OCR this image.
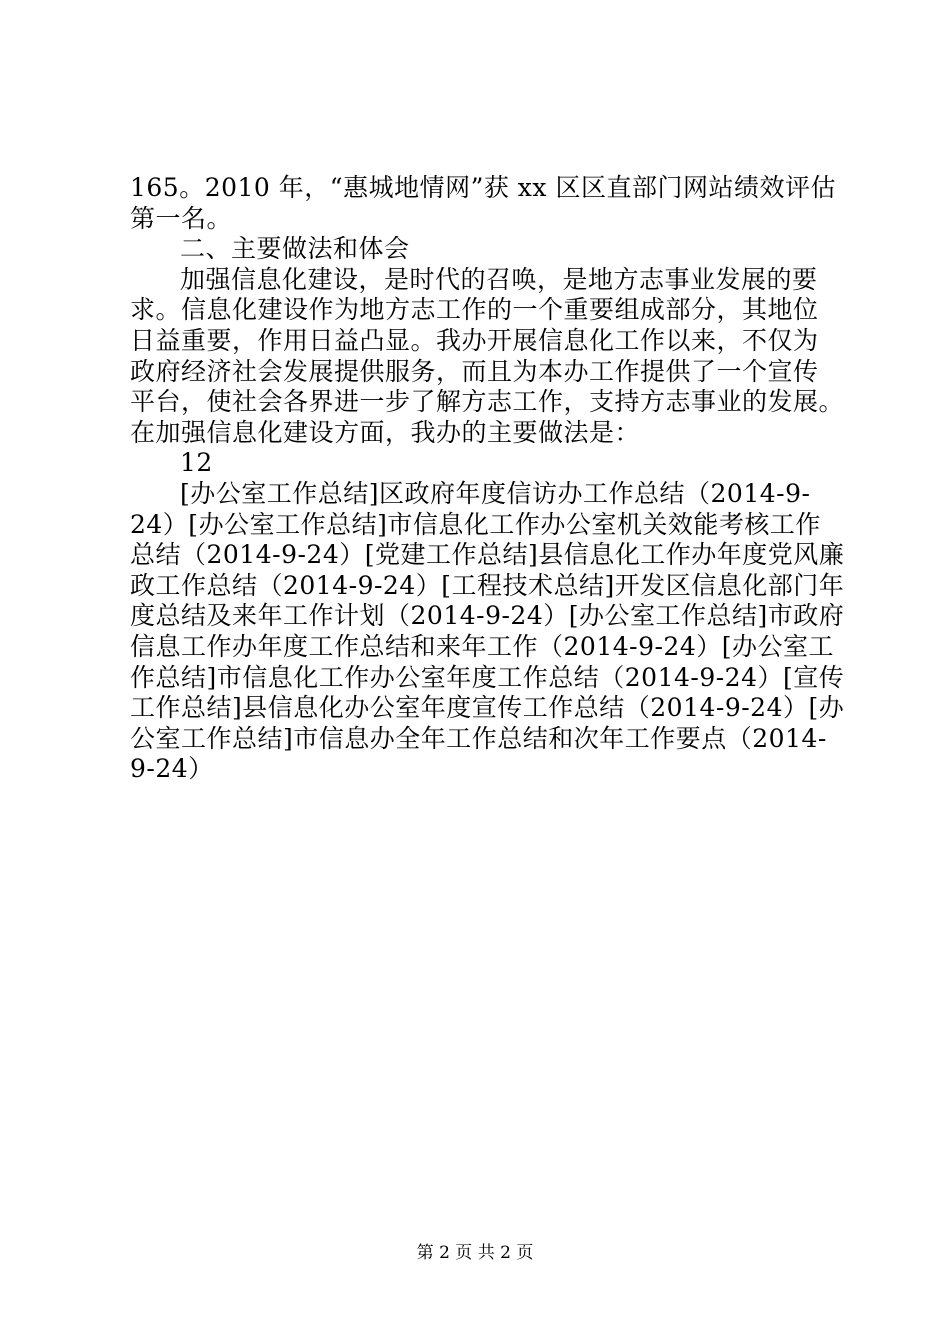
165。2010 年，“惠城地情网”获 xx 区区直部门网站绩效评估
第一名。
二、主要做法和体会
加强信息化建设，是时代的召唤，是地方志事业发展的要
求。信息化建设作为地方志工作的一个重要组成部分，其地位
日益重要，作用日益凸显。我办开展信息化工作以来，不仅为
政府经济社会发展提供服务，而且为本办工作提供了一个宣传
平台，使社会各界进一步了解方志工作，支持方志事业的发展。
在加强信息化建设方面，我办的主要做法是：
12
[办公室工作总结]区政府年度信访办工作总结（2014-9-
24）[办公室工作总结]市信息化工作办公室机关效能考核工作
总结（2014-9-24）[党建工作总结]县信息化工作办年度党风廉
政工作总结（2014-9-24）[工程技术总结]开发区信息化部门年
度总结及来年工作计划（2014-9-24）[办公室工作总结]市政府
信息工作办年度工作总结和来年工作（2014-9-24）[办公室工
作总结]市信息化工作办公室年度工作总结（2014-9-24）[宣传
工作总结]县信息化办公室年度宣传工作总结（2014-9-24）[办
公室工作总结]市信息办全年工作总结和次年工作要点（2014-
9-24）
第 2 页 共 2 页
